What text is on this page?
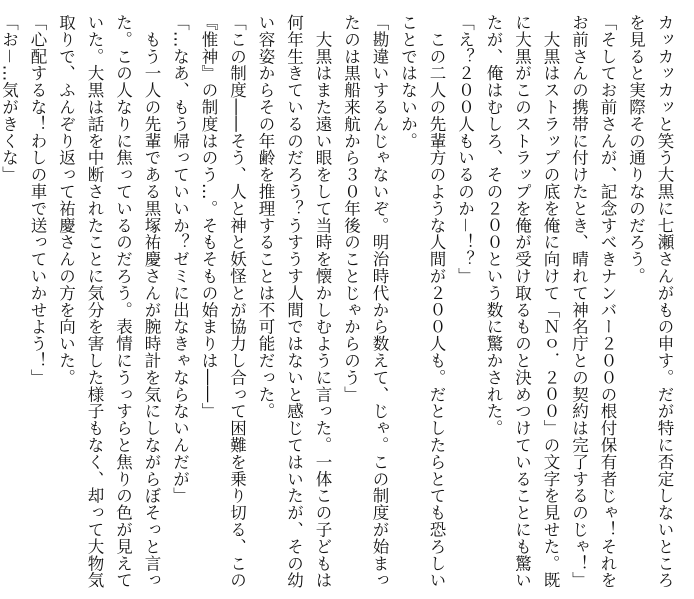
カッカッカッと笑う大黒に七瀬さんがもの申す。だが特に否定しないところを見ると実際その通りなのだろう。

「そしてお前さんが、記念すべきナンバー２００の根付保有者じゃ！それをお前さんの携帯に付けたとき、晴れて神名庁との契約は完了するのじゃ！」

　大黒はストラップの底を俺に向けて「Ｎｏ．２００」の文字を見せた。既に大黒がこのストラップを俺が受け取るものと決めつけていることにも驚いたが、俺はむしろ、その２００という数に驚かされた。

「え？２００人もいるのか－！？」

　この二人の先輩方のような人間が２００人も。だとしたらとても恐ろしいことではないか。

「勘違いするんじゃないぞ。明治時代から数えて、じゃ。この制度が始まったのは黒船来航から３０年後のことじゃからのう」

　大黒はまた遠い眼をして当時を懐かしむように言った。一体この子どもは何年生きているのだろう？うすうす人間ではないと感じてはいたが、その幼い容姿からその年齢を推理することは不可能だった。

「この制度――そう、人と神と妖怪とが協力し合って困難を乗り切る、この『惟神』の制度はのう…。そもそもの始まりは――」

「…なあ、もう帰っていいか？ゼミに出なきゃならないんだが」

　もう一人の先輩である黒塚祐慶さんが腕時計を気にしながらぼそっと言った。この人なりに焦っているのだろう。表情にうっすらと焦りの色が見えていた。大黒は話を中断されたことに気分を害した様子もなく、却って大物気取りで、ふんぞり返って祐慶さんの方を向いた。

「心配するな！わしの車で送っていかせよう！」

「お－…気がきくな」
